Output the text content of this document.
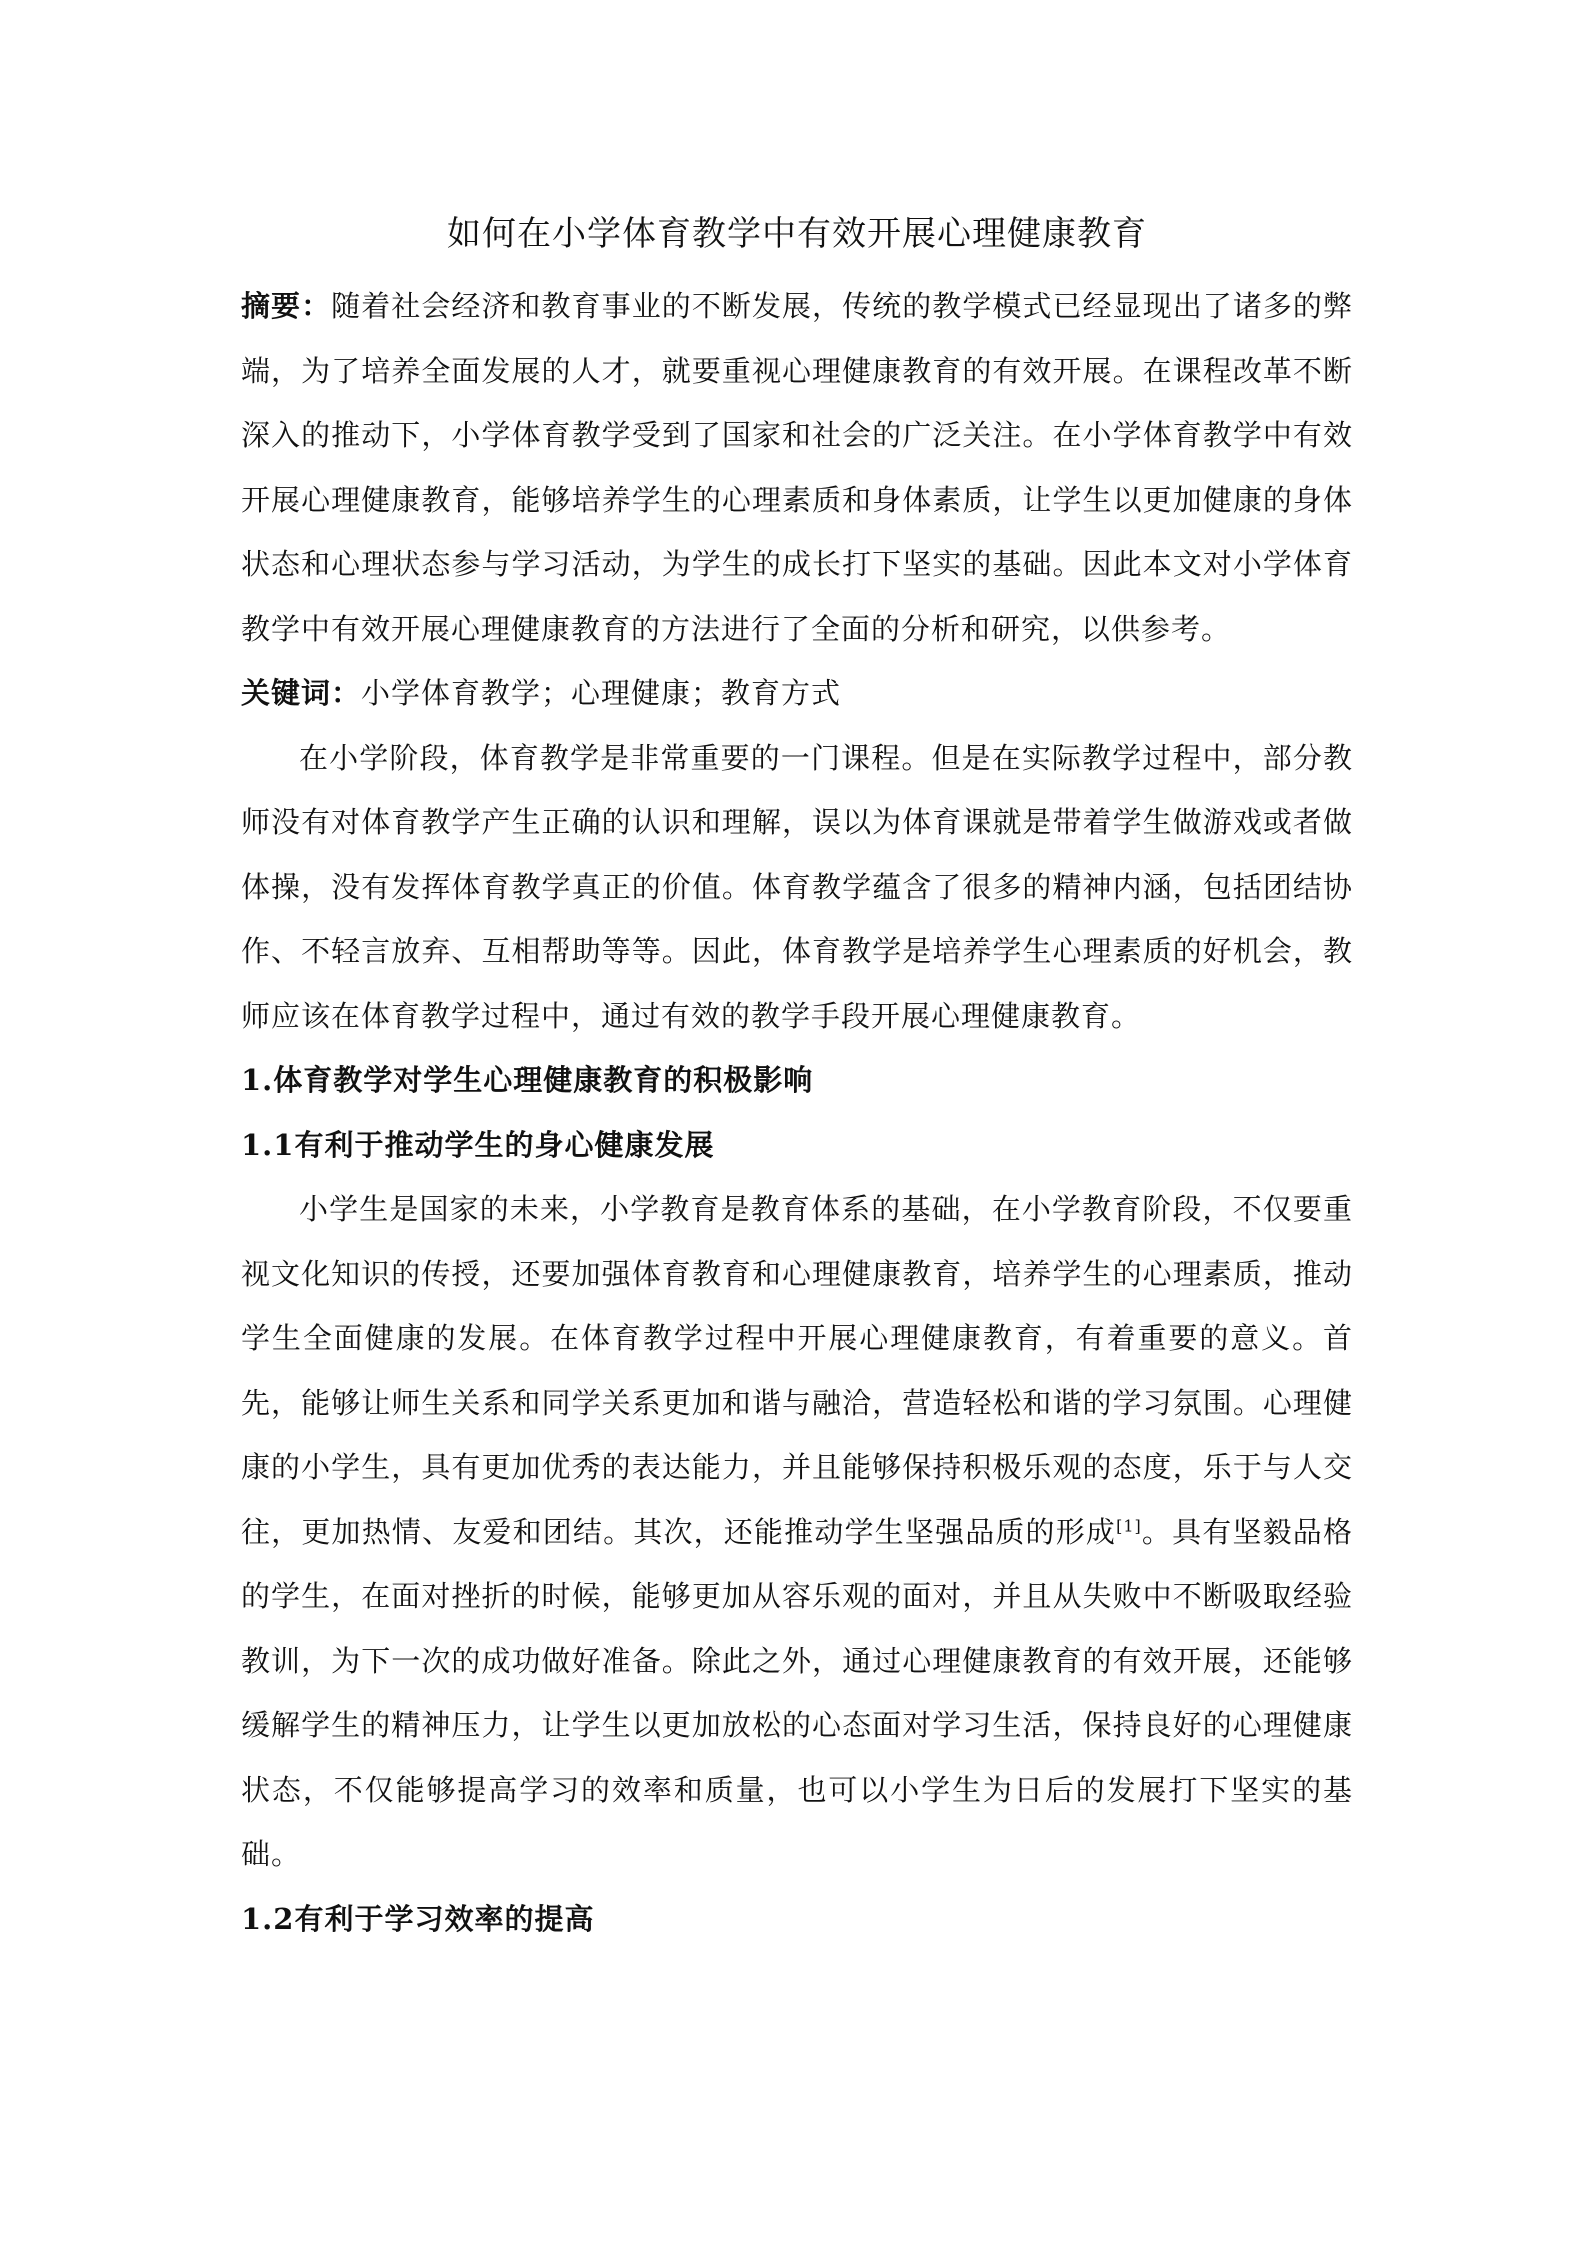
如何在小学体育教学中有效开展心理健康教育

摘要：随着社会经济和教育事业的不断发展，传统的教学模式已经显现出了诸多的弊端，为了培养全面发展的人才，就要重视心理健康教育的有效开展。在课程改革不断深入的推动下，小学体育教学受到了国家和社会的广泛关注。在小学体育教学中有效开展心理健康教育，能够培养学生的心理素质和身体素质，让学生以更加健康的身体状态和心理状态参与学习活动，为学生的成长打下坚实的基础。因此本文对小学体育教学中有效开展心理健康教育的方法进行了全面的分析和研究，以供参考。

关键词：小学体育教学；心理健康；教育方式

在小学阶段，体育教学是非常重要的一门课程。但是在实际教学过程中，部分教师没有对体育教学产生正确的认识和理解，误以为体育课就是带着学生做游戏或者做体操，没有发挥体育教学真正的价值。体育教学蕴含了很多的精神内涵，包括团结协作、不轻言放弃、互相帮助等等。因此，体育教学是培养学生心理素质的好机会，教师应该在体育教学过程中，通过有效的教学手段开展心理健康教育。

1.体育教学对学生心理健康教育的积极影响
1.1有利于推动学生的身心健康发展

小学生是国家的未来，小学教育是教育体系的基础，在小学教育阶段，不仅要重视文化知识的传授，还要加强体育教育和心理健康教育，培养学生的心理素质，推动学生全面健康的发展。在体育教学过程中开展心理健康教育，有着重要的意义。首先，能够让师生关系和同学关系更加和谐与融洽，营造轻松和谐的学习氛围。心理健康的小学生，具有更加优秀的表达能力，并且能够保持积极乐观的态度，乐于与人交往，更加热情、友爱和团结。其次，还能推动学生坚强品质的形成[1]。具有坚毅品格的学生，在面对挫折的时候，能够更加从容乐观的面对，并且从失败中不断吸取经验教训，为下一次的成功做好准备。除此之外，通过心理健康教育的有效开展，还能够缓解学生的精神压力，让学生以更加放松的心态面对学习生活，保持良好的心理健康状态，不仅能够提高学习的效率和质量，也可以小学生为日后的发展打下坚实的基础。

1.2有利于学习效率的提高
